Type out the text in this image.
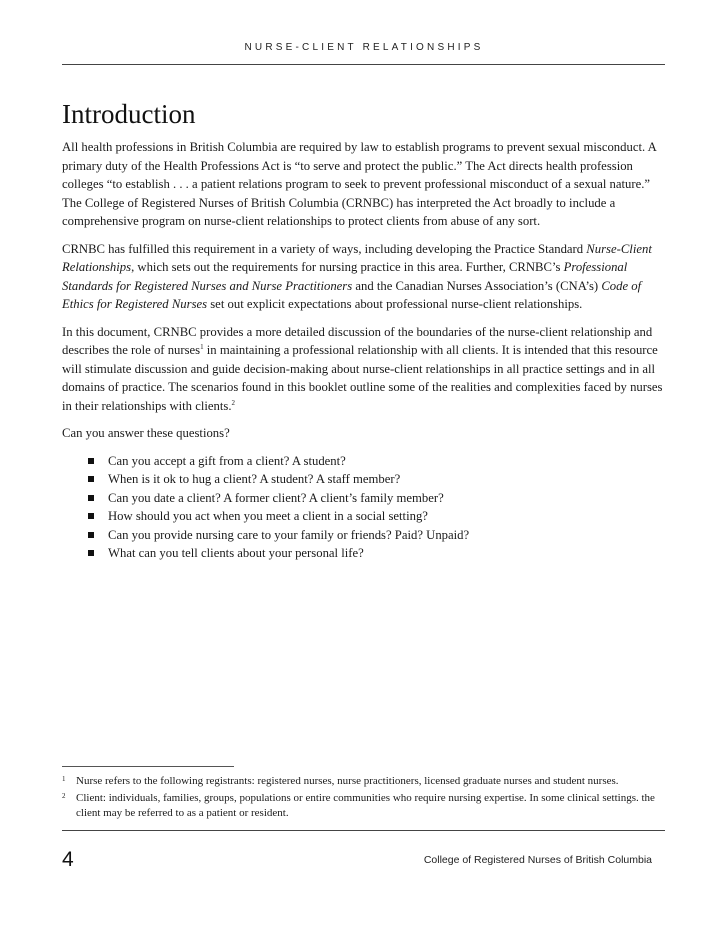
NURSE-CLIENT RELATIONSHIPS
Introduction

All health professions in British Columbia are required by law to establish programs to prevent sexual misconduct. A primary duty of the Health Professions Act is “to serve and protect the public.” The Act directs health profession colleges “to establish . . . a patient relations program to seek to prevent professional misconduct of a sexual nature.” The College of Registered Nurses of British Columbia (CRNBC) has interpreted the Act broadly to include a comprehensive program on nurse-client relationships to protect clients from abuse of any sort.

CRNBC has fulfilled this requirement in a variety of ways, including developing the Practice Standard Nurse-Client Relationships, which sets out the requirements for nursing practice in this area. Further, CRNBC’s Professional Standards for Registered Nurses and Nurse Practitioners and the Canadian Nurses Association’s (CNA’s) Code of Ethics for Registered Nurses set out explicit expectations about professional nurse-client relationships.

In this document, CRNBC provides a more detailed discussion of the boundaries of the nurse-client relationship and describes the role of nurses$^1$ in maintaining a professional relationship with all clients. It is intended that this resource will stimulate discussion and guide decision-making about nurse-client relationships in all practice settings and in all domains of practice. The scenarios found in this booklet outline some of the realities and complexities faced by nurses in their relationships with clients.$^2$

Can you answer these questions?

Can you accept a gift from a client? A student?
When is it ok to hug a client? A student? A staff member?
Can you date a client? A former client? A client’s family member?
How should you act when you meet a client in a social setting?
Can you provide nursing care to your family or friends? Paid? Unpaid?
What can you tell clients about your personal life?
1 Nurse refers to the following registrants: registered nurses, nurse practitioners, licensed graduate nurses and student nurses.
2 Client: individuals, families, groups, populations or entire communities who require nursing expertise. In some clinical settings. the client may be referred to as a patient or resident.
4	College of Registered Nurses of British Columbia
